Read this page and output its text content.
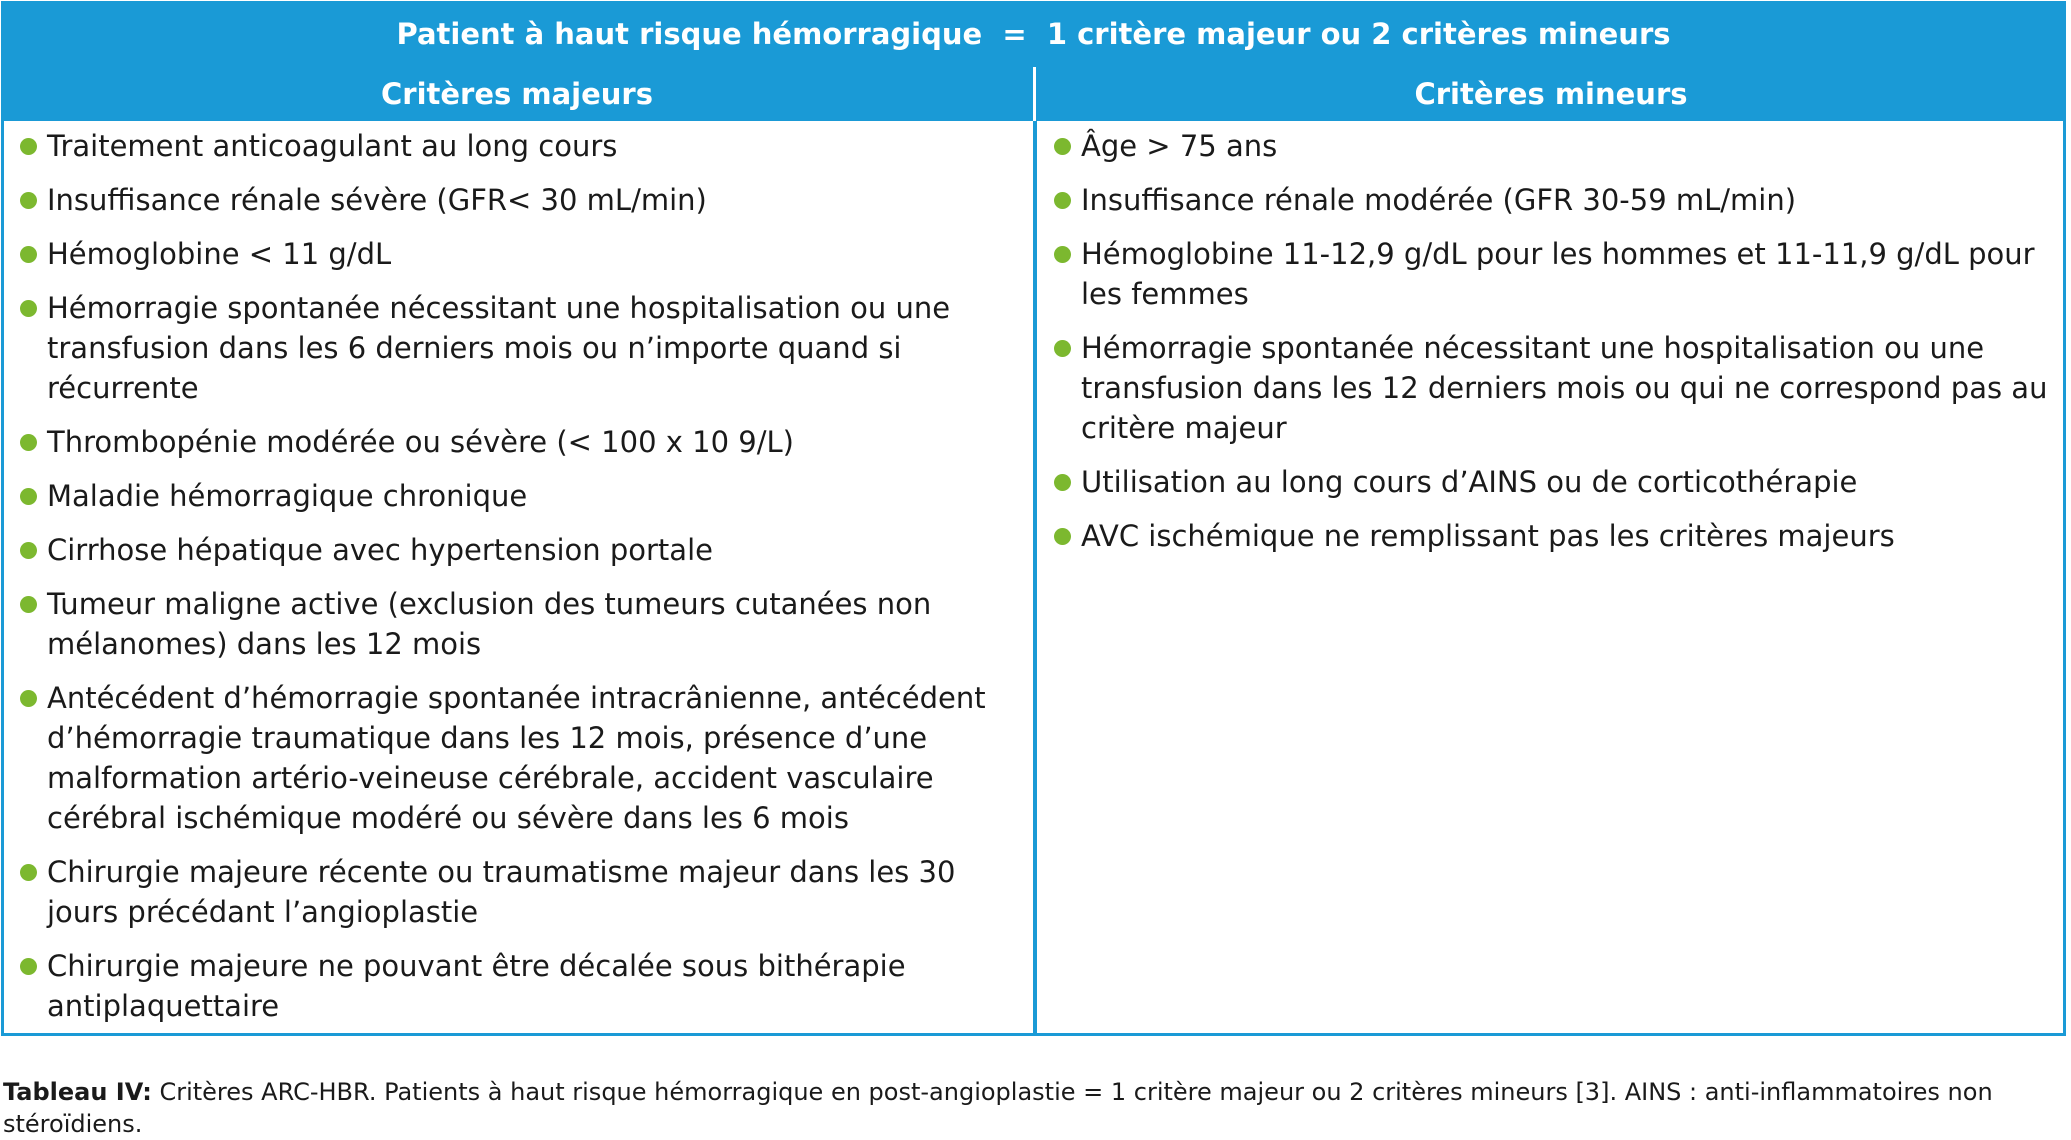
Patient à haut risque hémorragique  =  1 critère majeur ou 2 critères mineurs
Critères majeurs	Critères mineurs
Traitement anticoagulant au long cours
Insuffisance rénale sévère (GFR< 30 mL/min)
Hémoglobine < 11 g/dL
Hémorragie spontanée nécessitant une hospitalisation ou une transfusion dans les 6 derniers mois ou n’importe quand si récurrente
Thrombopénie modérée ou sévère (< 100 x 10 9/L)
Maladie hémorragique chronique
Cirrhose hépatique avec hypertension portale
Tumeur maligne active (exclusion des tumeurs cutanées non mélanomes) dans les 12 mois
Antécédent d’hémorragie spontanée intracrânienne, antécédent d’hémorragie traumatique dans les 12 mois, présence d’une malformation artério-veineuse cérébrale, accident vasculaire cérébral ischémique modéré ou sévère dans les 6 mois
Chirurgie majeure récente ou traumatisme majeur dans les 30 jours précédant l’angioplastie
Chirurgie majeure ne pouvant être décalée sous bithérapie antiplaquettaire
Âge > 75 ans
Insuffisance rénale modérée (GFR 30-59 mL/min)
Hémoglobine 11-12,9 g/dL pour les hommes et 11-11,9 g/dL pour les femmes
Hémorragie spontanée nécessitant une hospitalisation ou une transfusion dans les 12 derniers mois ou qui ne correspond pas au critère majeur
Utilisation au long cours d’AINS ou de corticothérapie
AVC ischémique ne remplissant pas les critères majeurs
Tableau IV: Critères ARC-HBR. Patients à haut risque hémorragique en post-angioplastie = 1 critère majeur ou 2 critères mineurs [3]. AINS : anti-inflammatoires non stéroïdiens.
